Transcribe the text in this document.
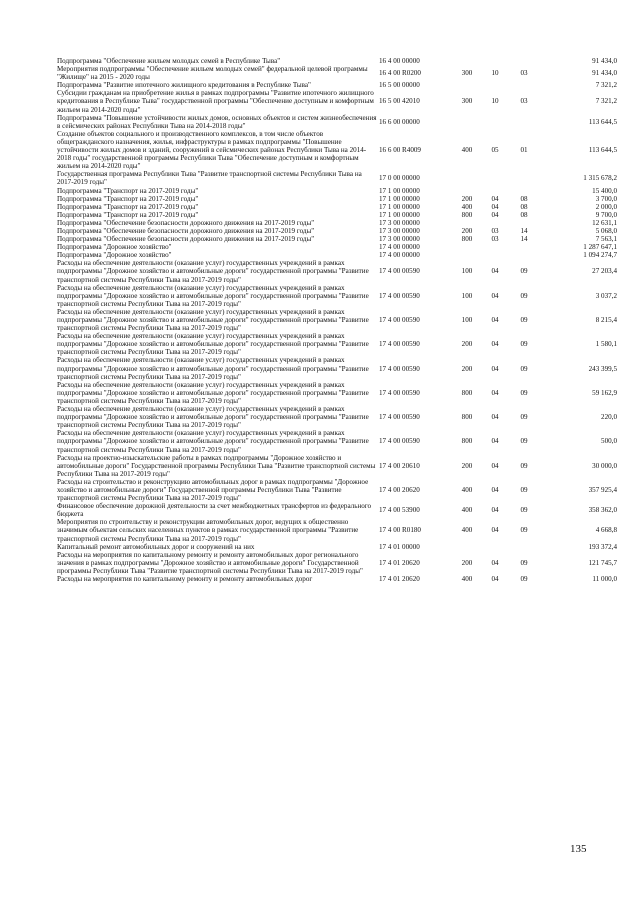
Подпрограмма "Обеспечение жильем молодых семей в Республике Тыва"	16 4 00 00000				91 434,0
Мероприятия подпрограммы "Обеспечение жильем молодых семей" федеральной целевой программы "Жилище" на 2015 - 2020 годы	16 4 00 R0200	300	10	03	91 434,0
Подпрограмма "Развитие ипотечного жилищного кредитования в Республике Тыва"	16 5 00 00000				7 321,2
Субсидии гражданам на приобретение жилья в рамках подпрограммы "Развитие ипотечного жилищного кредитования в Республике Тыва" государственной программы "Обеспечение доступным и комфортным жильем на 2014-2020 годы"	16 5 00 42010	300	10	03	7 321,2
Подпрограмма "Повышение устойчивости жилых домов, основных объектов и систем жизнеобеспечения в сейсмических районах Республики Тыва на 2014-2018 годы"	16 6 00 00000				113 644,5
Создание объектов социального и производственного комплексов, в том числе объектов общегражданского назначения, жилья, инфраструктуры в рамках подпрограммы "Повышение устойчивости жилых домов и зданий, сооружений в сейсмических районах Республики Тыва на 2014-2018 годы" государственной программы Республики Тыва "Обеспечение доступным и комфортным жильем на 2014-2020 годы"	16 6 00 R4009	400	05	01	113 644,5
Государственная программа Республики Тыва "Развитие транспортной системы Республики Тыва на 2017-2019 годы"	17 0 00 00000				1 315 678,2
Подпрограмма "Транспорт на 2017-2019 годы"	17 1 00 00000				15 400,0
Подпрограмма "Транспорт на 2017-2019 годы"	17 1 00 00000	200	04	08	3 700,0
Подпрограмма "Транспорт на 2017-2019 годы"	17 1 00 00000	400	04	08	2 000,0
Подпрограмма "Транспорт на 2017-2019 годы"	17 1 00 00000	800	04	08	9 700,0
Подпрограмма "Обеспечение безопасности дорожного движения на 2017-2019 годы"	17 3 00 00000				12 631,1
Подпрограмма "Обеспечение безопасности дорожного движения на 2017-2019 годы"	17 3 00 00000	200	03	14	5 068,0
Подпрограмма "Обеспечение безопасности дорожного движения на 2017-2019 годы"	17 3 00 00000	800	03	14	7 563,1
Подпрограмма "Дорожное хозяйство"	17 4 00 00000				1 287 647,1
Подпрограмма "Дорожное хозяйство"	17 4 00 00000				1 094 274,7
Расходы на обеспечение деятельности (оказание услуг) государственных учреждений в рамках подпрограммы "Дорожное хозяйство и автомобильные дороги" государственной программы "Развитие транспортной системы Республики Тыва на 2017-2019 годы"	17 4 00 00590	100	04	09	27 203,4
Расходы на обеспечение деятельности (оказание услуг) государственных учреждений в рамках подпрограммы "Дорожное хозяйство и автомобильные дороги" государственной программы "Развитие транспортной системы Республики Тыва на 2017-2019 годы"	17 4 00 00590	100	04	09	3 037,2
Расходы на обеспечение деятельности (оказание услуг) государственных учреждений в рамках подпрограммы "Дорожное хозяйство и автомобильные дороги" государственной программы "Развитие транспортной системы Республики Тыва на 2017-2019 годы"	17 4 00 00590	100	04	09	8 215,4
Расходы на обеспечение деятельности (оказание услуг) государственных учреждений в рамках подпрограммы "Дорожное хозяйство и автомобильные дороги" государственной программы "Развитие транспортной системы Республики Тыва на 2017-2019 годы"	17 4 00 00590	200	04	09	1 580,1
Расходы на обеспечение деятельности (оказание услуг) государственных учреждений в рамках подпрограммы "Дорожное хозяйство и автомобильные дороги" государственной программы "Развитие транспортной системы Республики Тыва на 2017-2019 годы"	17 4 00 00590	200	04	09	243 399,5
Расходы на обеспечение деятельности (оказание услуг) государственных учреждений в рамках подпрограммы "Дорожное хозяйство и автомобильные дороги" государственной программы "Развитие транспортной системы Республики Тыва на 2017-2019 годы"	17 4 00 00590	800	04	09	59 162,9
Расходы на обеспечение деятельности (оказание услуг) государственных учреждений в рамках подпрограммы "Дорожное хозяйство и автомобильные дороги" государственной программы "Развитие транспортной системы Республики Тыва на 2017-2019 годы"	17 4 00 00590	800	04	09	220,0
Расходы на обеспечение деятельности (оказание услуг) государственных учреждений в рамках подпрограммы "Дорожное хозяйство и автомобильные дороги" государственной программы "Развитие транспортной системы Республики Тыва на 2017-2019 годы"	17 4 00 00590	800	04	09	500,0
Расходы на проектно-изыскательские работы в рамках подпрограммы "Дорожное хозяйство и автомобильные дороги" Государственной программы Республики Тыва "Развитие транспортной системы Республики Тыва на 2017-2019 годы"	17 4 00 20610	200	04	09	30 000,0
Расходы на строительство и реконструкцию автомобильных дорог в рамках подпрограммы "Дорожное хозяйство и автомобильные дороги" Государственной программы Республики Тыва "Развитие транспортной системы Республики Тыва на 2017-2019 годы"	17 4 00 20620	400	04	09	357 925,4
Финансовое обеспечение дорожной деятельности за счет межбюджетных трансфертов из федерального бюджета	17 4 00 53900	400	04	09	358 362,0
Мероприятия по строительству и реконструкции автомобильных дорог, ведущих к общественно значимым объектам сельских населенных пунктов в рамках государственной программы "Развитие транспортной системы Республики Тыва на 2017-2019 годы"	17 4 00 R0180	400	04	09	4 668,8
Капитальный ремонт автомобильных дорог и сооружений на них	17 4 01 00000				193 372,4
Расходы на мероприятия по капитальному ремонту и ремонту автомобильных дорог регионального значения в рамках подпрограммы "Дорожное хозяйство и автомобильные дороги" Государственной программы Республики Тыва "Развитие транспортной системы Республики Тыва на 2017-2019 годы"	17 4 01 20620	200	04	09	121 745,7
Расходы на мероприятия по капитальному ремонту и ремонту автомобильных дорог	17 4 01 20620	400	04	09	11 000,0
135
